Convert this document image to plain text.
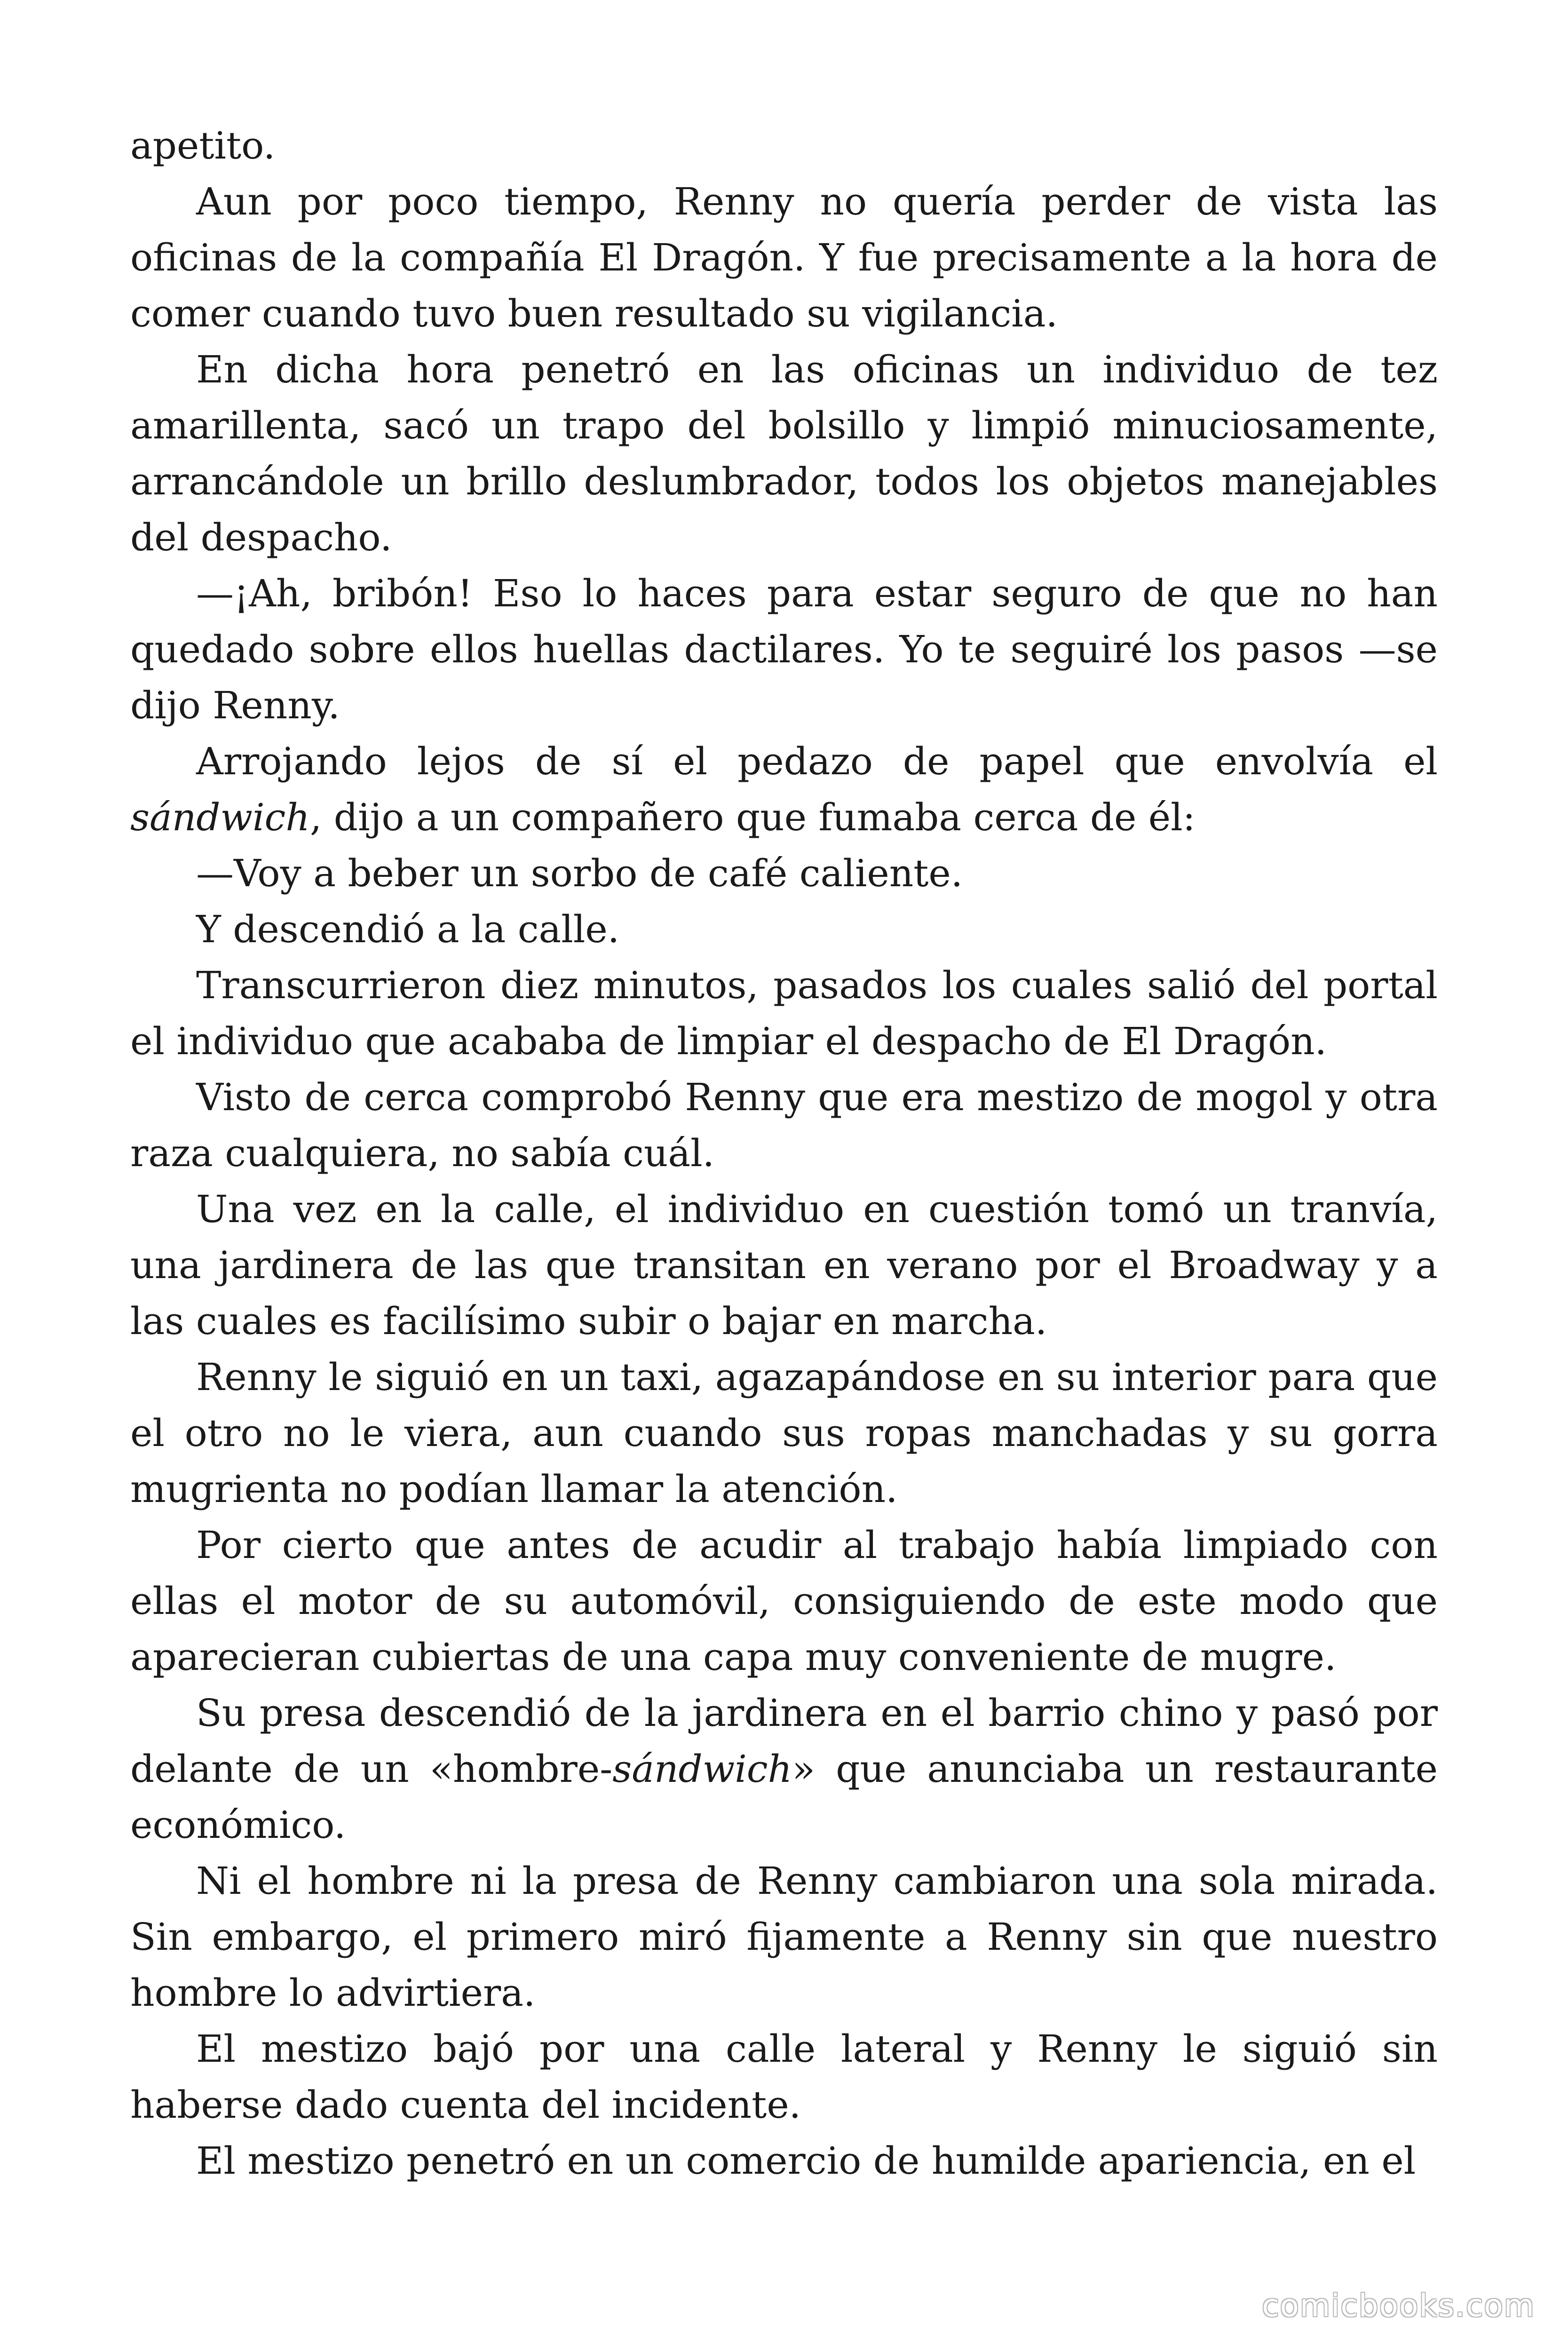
apetito.

Aun por poco tiempo, Renny no quería perder de vista las oficinas de la compañía El Dragón. Y fue precisamente a la hora de comer cuando tuvo buen resultado su vigilancia.

En dicha hora penetró en las oficinas un individuo de tez amarillenta, sacó un trapo del bolsillo y limpió minuciosamente, arrancándole un brillo deslumbrador, todos los objetos manejables del despacho.

—¡Ah, bribón! Eso lo haces para estar seguro de que no han quedado sobre ellos huellas dactilares. Yo te seguiré los pasos —se dijo Renny.

Arrojando lejos de sí el pedazo de papel que envolvía el sándwich, dijo a un compañero que fumaba cerca de él:

—Voy a beber un sorbo de café caliente.

Y descendió a la calle.

Transcurrieron diez minutos, pasados los cuales salió del portal el individuo que acababa de limpiar el despacho de El Dragón.

Visto de cerca comprobó Renny que era mestizo de mogol y otra raza cualquiera, no sabía cuál.

Una vez en la calle, el individuo en cuestión tomó un tranvía, una jardinera de las que transitan en verano por el Broadway y a las cuales es facilísimo subir o bajar en marcha.

Renny le siguió en un taxi, agazapándose en su interior para que el otro no le viera, aun cuando sus ropas manchadas y su gorra mugrienta no podían llamar la atención.

Por cierto que antes de acudir al trabajo había limpiado con ellas el motor de su automóvil, consiguiendo de este modo que aparecieran cubiertas de una capa muy conveniente de mugre.

Su presa descendió de la jardinera en el barrio chino y pasó por delante de un «hombre-sándwich» que anunciaba un restaurante económico.

Ni el hombre ni la presa de Renny cambiaron una sola mirada. Sin embargo, el primero miró fijamente a Renny sin que nuestro hombre lo advirtiera.

El mestizo bajó por una calle lateral y Renny le siguió sin haberse dado cuenta del incidente.

El mestizo penetró en un comercio de humilde apariencia, en el

comicbooks.com
